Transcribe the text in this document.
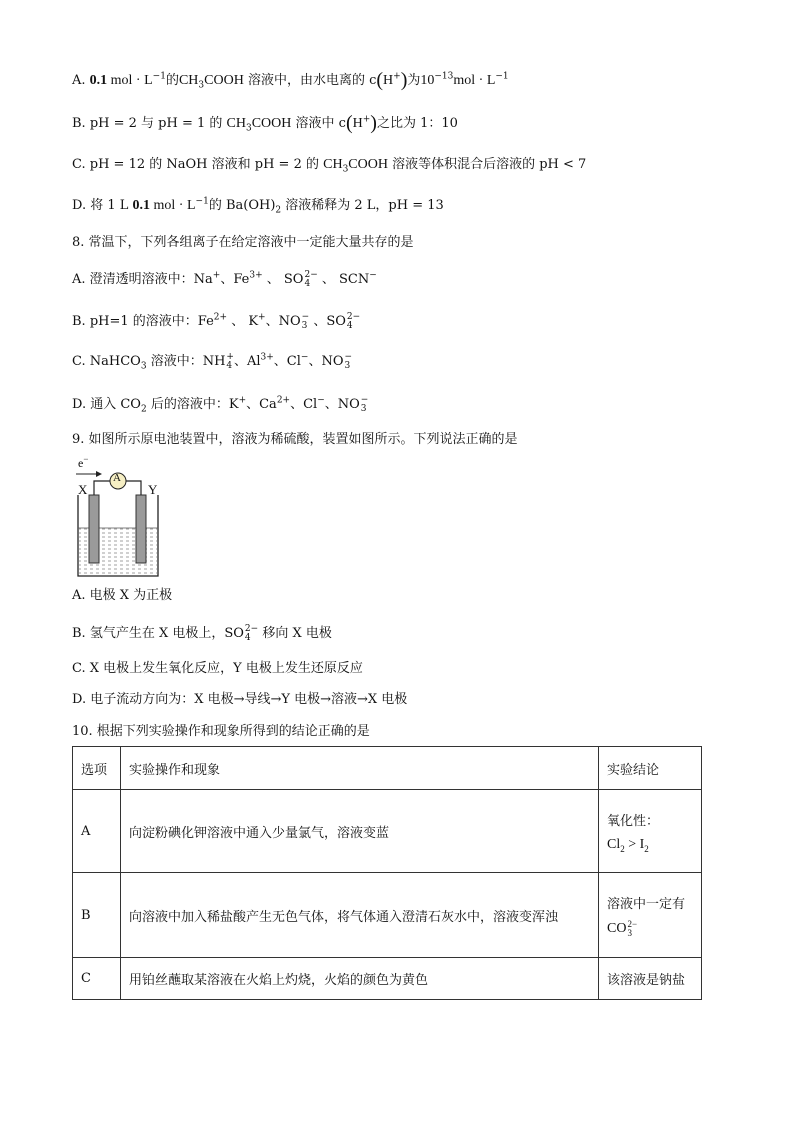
A. 0.1 mol · $L^{-1}$的$CH_3COOH$ 溶液中，由水电离的 c(H+)为$10^{-13}mol \cdot L^{-1}$
B. pH = 2 与 pH = 1 的 $CH_3COOH$ 溶液中 c(H+)之比为 1：10
C. pH = 12 的 NaOH 溶液和 pH = 2 的 $CH_3COOH$ 溶液等体积混合后溶液的 pH < 7
D. 将 1 L 0.1 mol · $L^{-1}$的 $Ba(OH)_2$ 溶液稀释为 2 L，pH = 13
8. 常温下，下列各组离子在给定溶液中一定能大量共存的是
A. 澄清透明溶液中：Na+、$Fe^{3+}$ 、 SO 2−
4 、 SCN−
B. pH=1 的溶液中：$Fe^{2+}$ 、 K+、NO −
3 、SO 2−
4
C. NaHCO$_3$ 溶液中：NH +
4 、$Al^{3+}$、Cl−、NO −
3
D. 通入 $CO_2$ 后的溶液中：K+、$Ca^{2+}$、Cl−、NO −
3
9. 如图所示原电池装置中，溶液为稀硫酸，装置如图所示。下列说法正确的是
e−
A
X	Y
A. 电极 X 为正极
B. 氢气产生在 X 电极上，SO 2−
4 移向 X 电极
C. X 电极上发生氧化反应，Y 电极上发生还原反应
D. 电子流动方向为：X 电极→导线→Y 电极→溶液→X 电极
10. 根据下列实验操作和现象所得到的结论正确的是
选项	实验操作和现象	实验结论
A	向淀粉碘化钾溶液中通入少量氯气，溶液变蓝	氧化性：
$Cl_2 > I_2$

B	向溶液中加入稀盐酸产生无色气体，将气体通入澄清石灰水中，溶液变浑浊	溶液中一定有
CO 2−
3

C	用铂丝蘸取某溶液在火焰上灼烧，火焰的颜色为黄色	该溶液是钠盐
